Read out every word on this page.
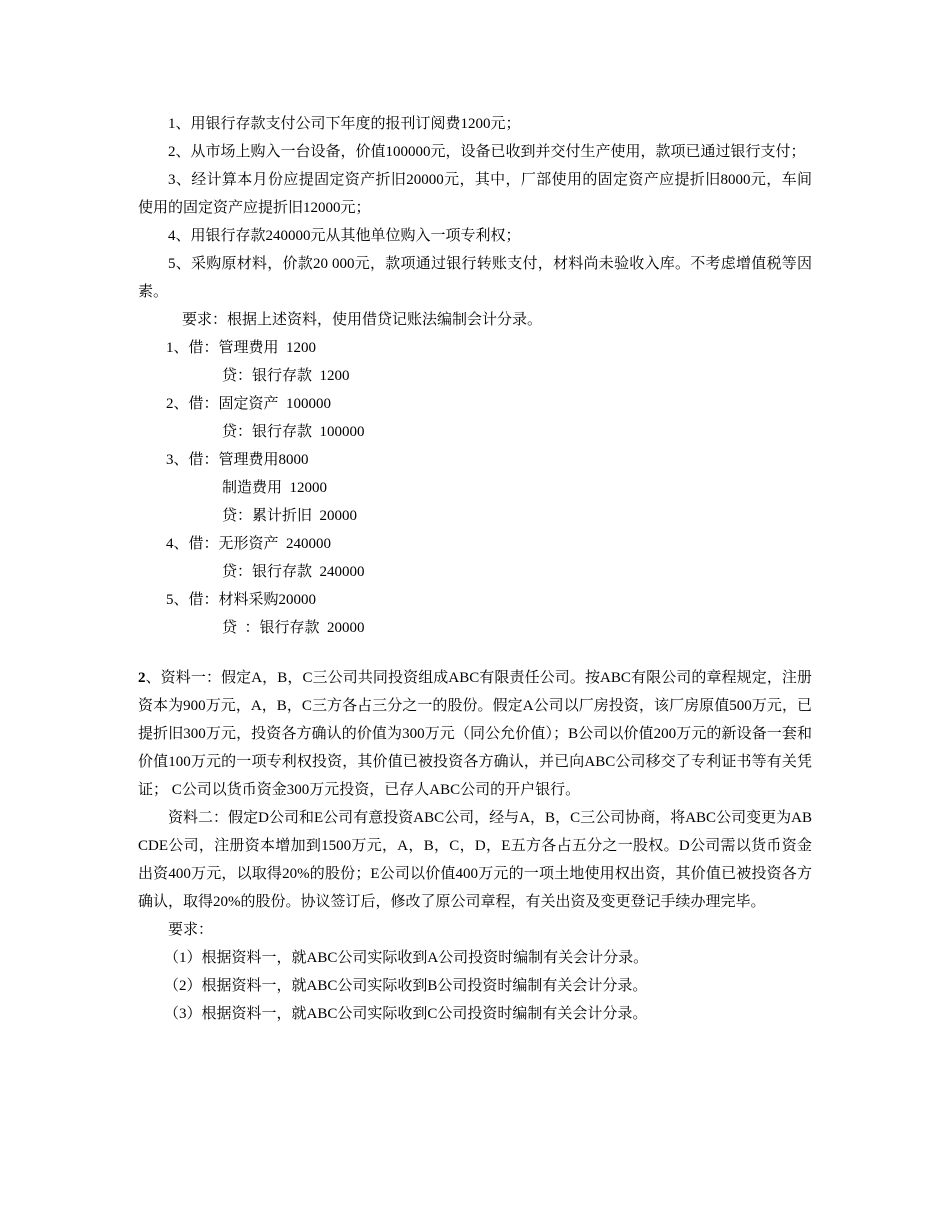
1、用银行存款支付公司下年度的报刊订阅费1200元；

2、从市场上购入一台设备，价值100000元，设备已收到并交付生产使用，款项已通过银行支付；

3、经计算本月份应提固定资产折旧20000元，其中，厂部使用的固定资产应提折旧8000元，车间使用的固定资产应提折旧12000元；

4、用银行存款240000元从其他单位购入一项专利权；

5、采购原材料，价款20 000元，款项通过银行转账支付，材料尚未验收入库。不考虑增值税等因素。

要求：根据上述资料，使用借贷记账法编制会计分录。

1、借：管理费用  1200

贷：银行存款  1200

2、借：固定资产  100000

贷：银行存款  100000

3、借：管理费用8000

制造费用  12000

贷：累计折旧  20000

4、借：无形资产  240000

贷：银行存款  240000

5、借：材料采购20000

贷  ：银行存款  20000

2、资料一：假定A，B，C三公司共同投资组成ABC有限责任公司。按ABC有限公司的章程规定，注册资本为900万元，A，B，C三方各占三分之一的股份。假定A公司以厂房投资，该厂房原值500万元，已提折旧300万元，投资各方确认的价值为300万元（同公允价值）；B公司以价值200万元的新设备一套和价值100万元的一项专利权投资，其价值已被投资各方确认，并已向ABC公司移交了专利证书等有关凭证； C公司以货币资金300万元投资，已存人ABC公司的开户银行。

资料二：假定D公司和E公司有意投资ABC公司，经与A，B，C三公司协商，将ABC公司变更为ABCDE公司，注册资本增加到1500万元，A，B，C，D，E五方各占五分之一股权。D公司需以货币资金出资400万元，以取得20%的股份；E公司以价值400万元的一项土地使用权出资，其价值已被投资各方确认，取得20%的股份。协议签订后，修改了原公司章程，有关出资及变更登记手续办理完毕。

要求：

（1）根据资料一，就ABC公司实际收到A公司投资时编制有关会计分录。

（2）根据资料一，就ABC公司实际收到B公司投资时编制有关会计分录。

（3）根据资料一，就ABC公司实际收到C公司投资时编制有关会计分录。
